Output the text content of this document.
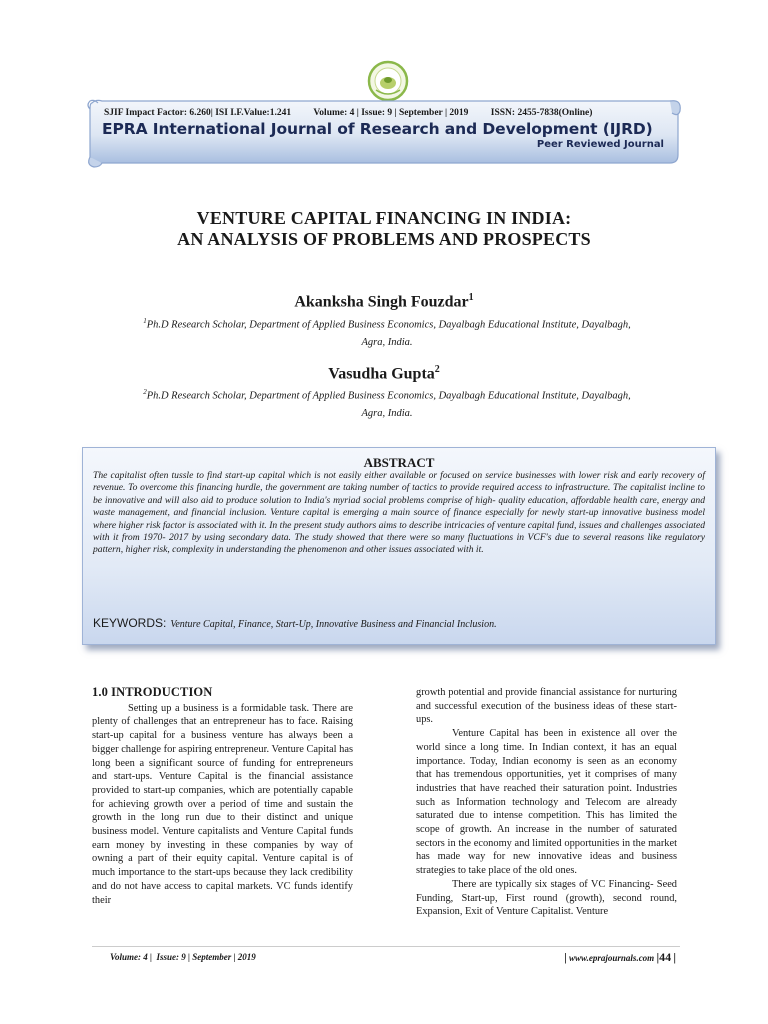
SJIF Impact Factor: 6.260| ISI I.F.Value:1.241 Volume: 4 | Issue: 9 | September | 2019 ISSN: 2455-7838(Online)
EPRA International Journal of Research and Development (IJRD)
Peer Reviewed Journal
VENTURE CAPITAL FINANCING IN INDIA:
AN ANALYSIS OF PROBLEMS AND PROSPECTS
Akanksha Singh Fouzdar$^1$
$^1$Ph.D Research Scholar, Department of Applied Business Economics, Dayalbagh Educational Institute, Dayalbagh,
Agra, India.
Vasudha Gupta$^2$
$^2$Ph.D Research Scholar, Department of Applied Business Economics, Dayalbagh Educational Institute, Dayalbagh,
Agra, India.
ABSTRACT
The capitalist often tussle to find start-up capital which is not easily either available or focused on service businesses with lower risk and early recovery of revenue. To overcome this financing hurdle, the government are taking number of tactics to provide required access to infrastructure. The capitalist incline to be innovative and will also aid to produce solution to India's myriad social problems comprise of high- quality education, affordable health care, energy and waste management, and financial inclusion. Venture capital is emerging a main source of finance especially for newly start-up innovative business model where higher risk factor is associated with it. In the present study authors aims to describe intricacies of venture capital fund, issues and challenges associated with it from 1970- 2017 by using secondary data. The study showed that there were so many fluctuations in VCF's due to several reasons like regulatory pattern, higher risk, complexity in understanding the phenomenon and other issues associated with it.
KEYWORDS: Venture Capital, Finance, Start-Up, Innovative Business and Financial Inclusion.
1.0 INTRODUCTION

Setting up a business is a formidable task. There are plenty of challenges that an entrepreneur has to face. Raising start-up capital for a business venture has always been a bigger challenge for aspiring entrepreneur. Venture Capital has long been a significant source of funding for entrepreneurs and start-ups. Venture Capital is the financial assistance provided to start-up companies, which are potentially capable for achieving growth over a period of time and sustain the growth in the long run due to their distinct and unique business model. Venture capitalists and Venture Capital funds earn money by investing in these companies by way of owning a part of their equity capital. Venture capital is of much importance to the start-ups because they lack credibility and do not have access to capital markets. VC funds identify their

growth potential and provide financial assistance for nurturing and successful execution of the business ideas of these start-ups.

Venture Capital has been in existence all over the world since a long time. In Indian context, it has an equal importance. Today, Indian economy is seen as an economy that has tremendous opportunities, yet it comprises of many industries that have reached their saturation point. Industries such as Information technology and Telecom are already saturated due to intense competition. This has limited the scope of growth. An increase in the number of saturated sectors in the economy and limited opportunities in the market has made way for new innovative ideas and business strategies to take place of the old ones.

There are typically six stages of VC Financing- Seed Funding, Start-up, First round (growth), second round, Expansion, Exit of Venture Capitalist. Venture

Volume: 4 |  Issue: 9 | September | 2019	| www.eprajournals.com |44 |
